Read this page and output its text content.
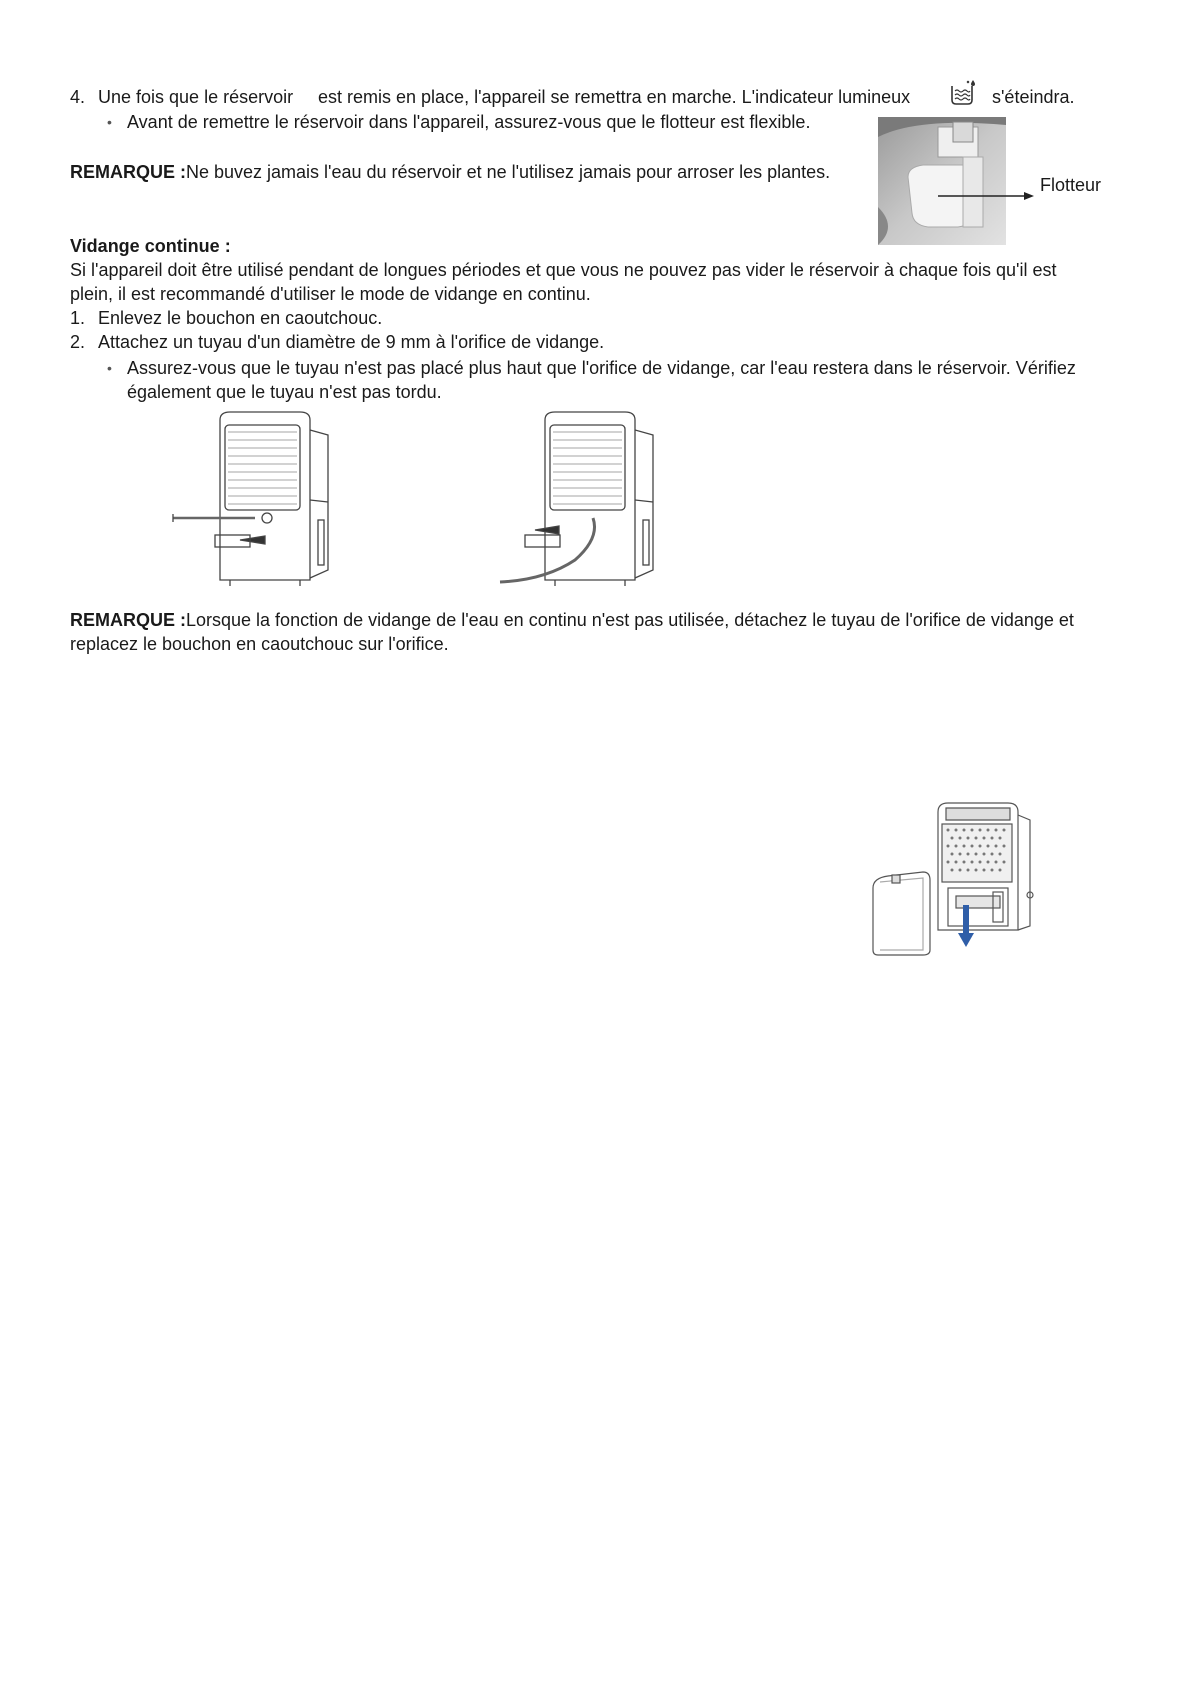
4. Une fois que le réservoir est remis en place, l'appareil se remettra en marche. L'indicateur lumineux	s'éteindra.
• Avant de remettre le réservoir dans l'appareil, assurez-vous que le flotteur est flexible.
REMARQUE :Ne buvez jamais l'eau du réservoir et ne l'utilisez jamais pour arroser les plantes.
Flotteur
Vidange continue :
Si l'appareil doit être utilisé pendant de longues périodes et que vous ne pouvez pas vider le réservoir à chaque fois qu'il est
plein, il est recommandé d'utiliser le mode de vidange en continu.
1. Enlevez le bouchon en caoutchouc.
2. Attachez un tuyau d'un diamètre de 9 mm à l'orifice de vidange.
• Assurez-vous que le tuyau n'est pas placé plus haut que l'orifice de vidange, car l'eau restera dans le réservoir. Vérifiez
également que le tuyau n'est pas tordu.
REMARQUE :Lorsque la fonction de vidange de l'eau en continu n'est pas utilisée, détachez le tuyau de l'orifice de vidange et
replacez le bouchon en caoutchouc sur l'orifice.
